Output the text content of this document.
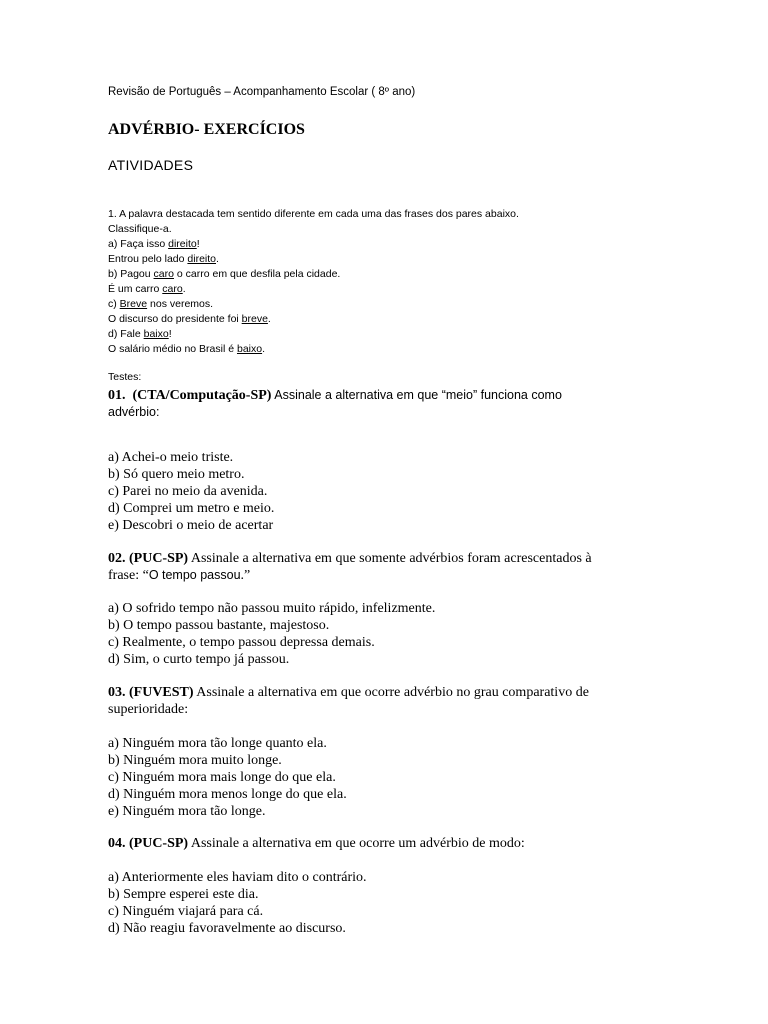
Revisão de Português – Acompanhamento Escolar ( 8º ano)
ADVÉRBIO- EXERCÍCIOS
ATIVIDADES
1. A palavra destacada tem sentido diferente em cada uma das frases dos pares abaixo.
Classifique-a.
a) Faça isso direito!
Entrou pelo lado direito.
b) Pagou caro o carro em que desfila pela cidade.
É um carro caro.
c) Breve nos veremos.
O discurso do presidente foi breve.
d) Fale baixo!
O salário médio no Brasil é baixo.
Testes:
01.  (CTA/Computação-SP) Assinale a alternativa em que “meio” funciona como
advérbio:
a) Achei-o meio triste.
b) Só quero meio metro.
c) Parei no meio da avenida.
d) Comprei um metro e meio.
e) Descobri o meio de acertar
02. (PUC-SP) Assinale a alternativa em que somente advérbios foram acrescentados à
frase: “O tempo passou.”
a) O sofrido tempo não passou muito rápido, infelizmente.
b) O tempo passou bastante, majestoso.
c) Realmente, o tempo passou depressa demais.
d) Sim, o curto tempo já passou.
03. (FUVEST) Assinale a alternativa em que ocorre advérbio no grau comparativo de
superioridade:
a) Ninguém mora tão longe quanto ela.
b) Ninguém mora muito longe.
c) Ninguém mora mais longe do que ela.
d) Ninguém mora menos longe do que ela.
e) Ninguém mora tão longe.
04. (PUC-SP) Assinale a alternativa em que ocorre um advérbio de modo:
a) Anteriormente eles haviam dito o contrário.
b) Sempre esperei este dia.
c) Ninguém viajará para cá.
d) Não reagiu favoravelmente ao discurso.
